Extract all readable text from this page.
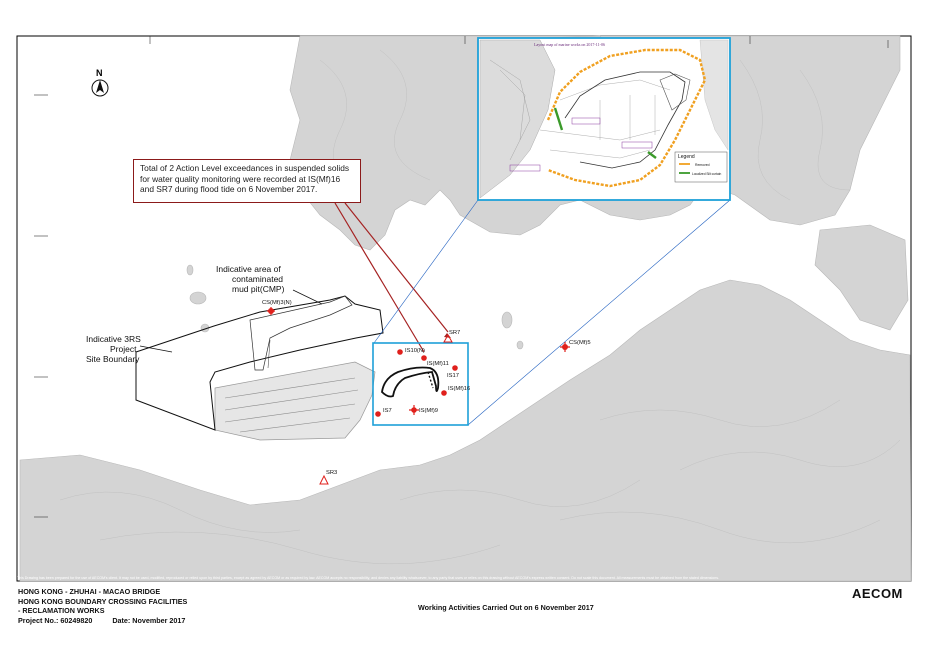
N
Indicative area of
contaminated
mud pit(CMP)
Indicative 3RS
Project
Site Boundary
CS(Mf)3(N)
SR7
IS10(N)
IS(Mf)11
IS17
IS(Mf)16
IS7	IS(Mf)9
CS(Mf)5
SR3
Legend
Removed
Localized Silt curtain
Layout map of marine works on 2017-11-06
Total of 2 Action Level exceedances in suspended solids
for water quality monitoring were recorded at IS(Mf)16
and SR7 during flood tide on 6 November 2017.
This Drawing has been prepared for the use of AECOM's client. It may not be used, modified, reproduced or relied upon by third parties, except as agreed by AECOM or as required by law. AECOM accepts no responsibility, and denies any liability whatsoever, to any party that uses or relies on this drawing without AECOM's express written consent. Do not scale this document. All measurements must be obtained from the stated dimensions.
HONG KONG - ZHUHAI - MACAO BRIDGE
HONG KONG BOUNDARY CROSSING FACILITIES
- RECLAMATION WORKS
Project No.: 60249820	Date: November 2017
Working Activities Carried Out on 6 November 2017
AECOM
